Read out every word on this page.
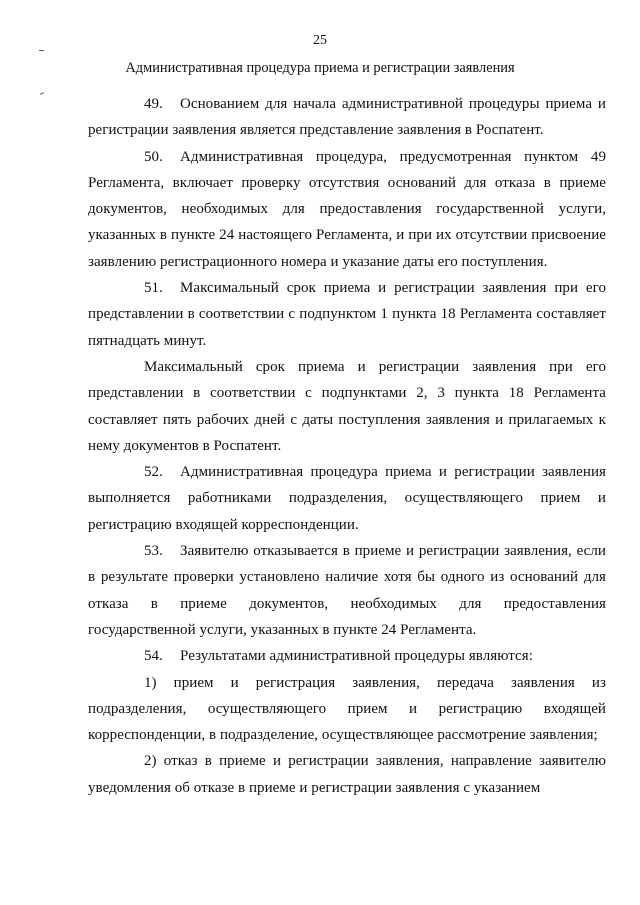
25
Административная процедура приема и регистрации заявления

49. Основанием для начала административной процедуры приема и регистрации заявления является представление заявления в Роспатент.

50. Административная процедура, предусмотренная пунктом 49 Регламента, включает проверку отсутствия оснований для отказа в приеме документов, необходимых для предоставления государственной услуги, указанных в пункте 24 настоящего Регламента, и при их отсутствии присвоение заявлению регистрационного номера и указание даты его поступления.

51. Максимальный срок приема и регистрации заявления при его представлении в соответствии с подпунктом 1 пункта 18 Регламента составляет пятнадцать минут.

Максимальный срок приема и регистрации заявления при его представлении в соответствии с подпунктами 2, 3 пункта 18 Регламента составляет пять рабочих дней с даты поступления заявления и прилагаемых к нему документов в Роспатент.

52. Административная процедура приема и регистрации заявления выполняется работниками подразделения, осуществляющего прием и регистрацию входящей корреспонденции.

53. Заявителю отказывается в приеме и регистрации заявления, если в результате проверки установлено наличие хотя бы одного из оснований для отказа в приеме документов, необходимых для предоставления государственной услуги, указанных в пункте 24 Регламента.

54. Результатами административной процедуры являются:

1) прием и регистрация заявления, передача заявления из подразделения, осуществляющего прием и регистрацию входящей корреспонденции, в подразделение, осуществляющее рассмотрение заявления;

2) отказ в приеме и регистрации заявления, направление заявителю уведомления об отказе в приеме и регистрации заявления с указанием
